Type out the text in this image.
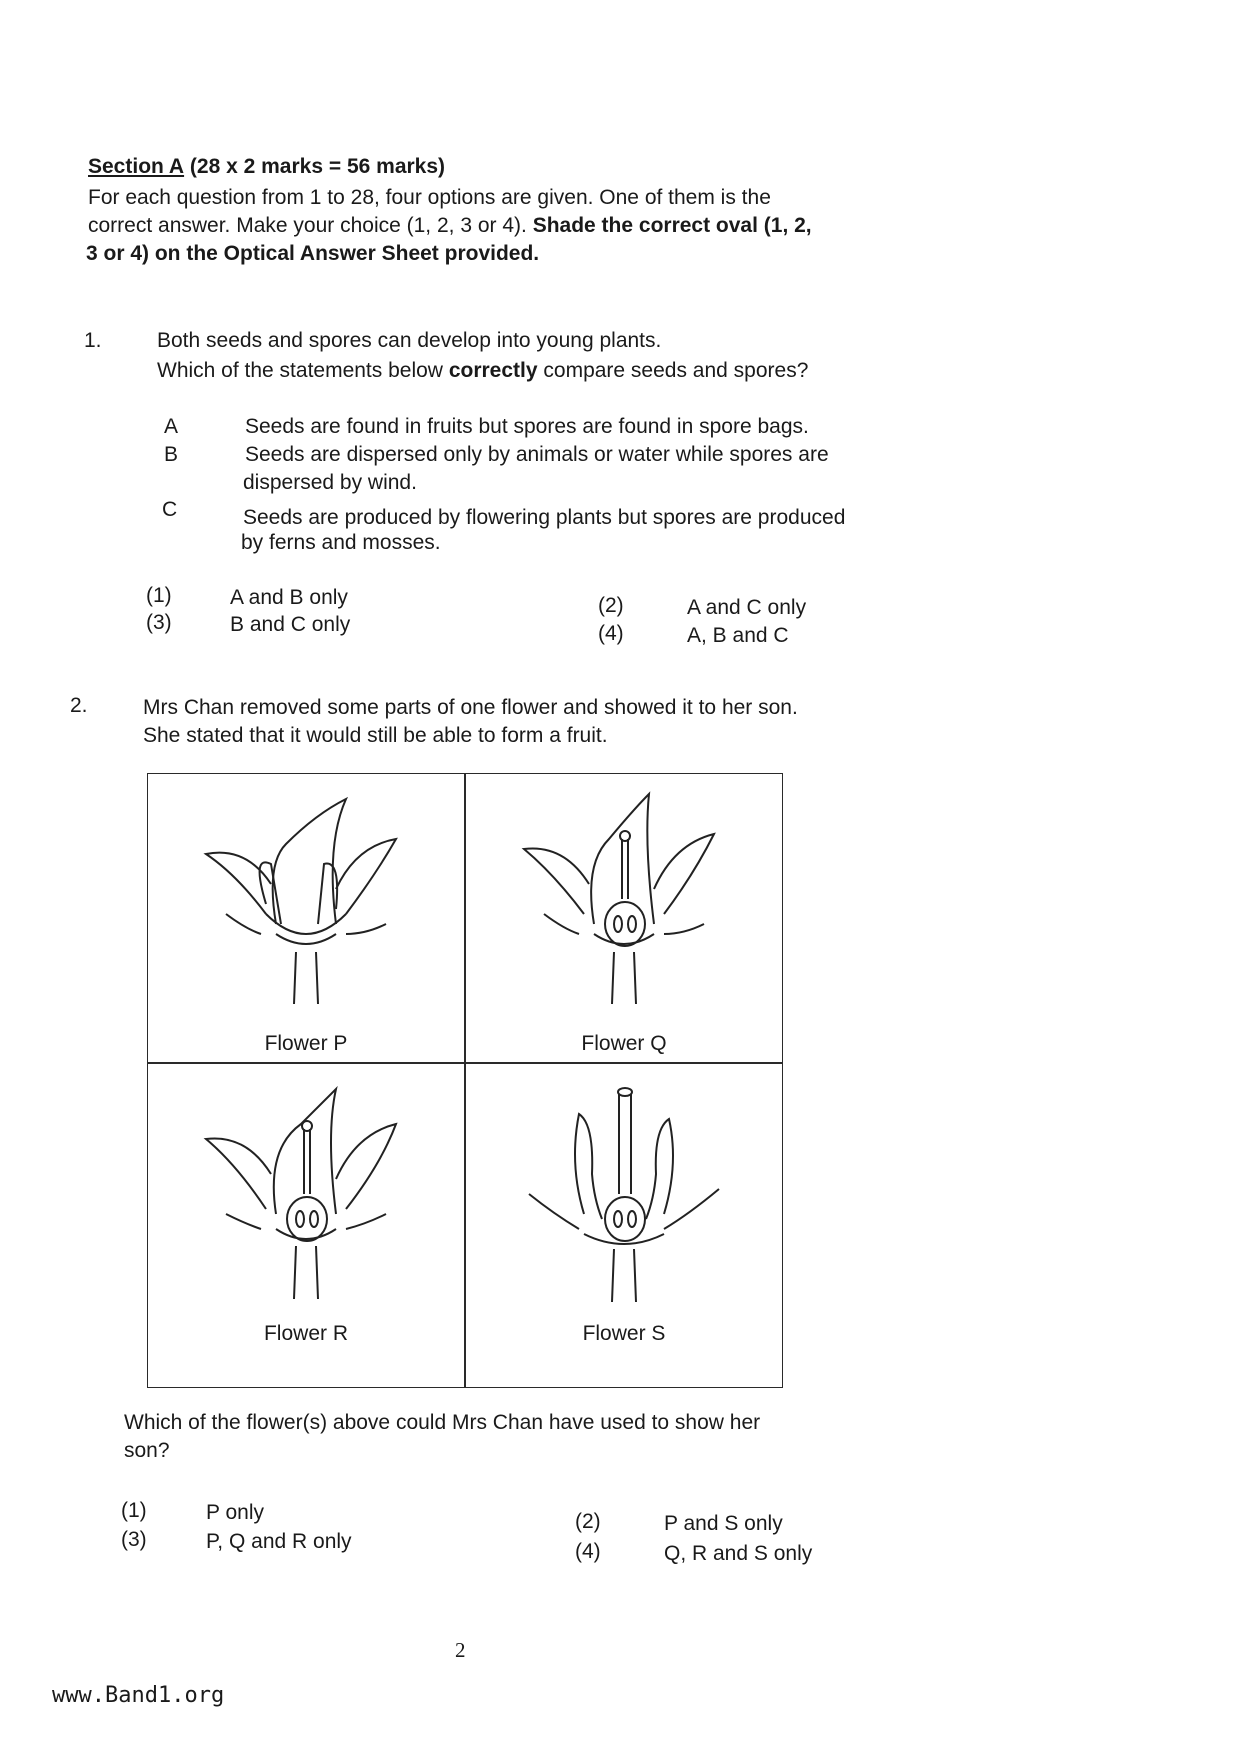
Section A (28 x 2 marks = 56 marks)
For each question from 1 to 28, four options are given. One of them is the
correct answer. Make your choice (1, 2, 3 or 4). Shade the correct oval (1, 2,
3 or 4) on the Optical Answer Sheet provided.
1.	Both seeds and spores can develop into young plants.
Which of the statements below correctly compare seeds and spores?
A	Seeds are found in fruits but spores are found in spore bags.
B	Seeds are dispersed only by animals or water while spores are
dispersed by wind.
C	Seeds are produced by flowering plants but spores are produced
by ferns and mosses.
(1)	A and B only	(2)	A and C only
(3)	B and C only	(4)	A, B and C
2.	Mrs Chan removed some parts of one flower and showed it to her son.
She stated that it would still be able to form a fruit.
Flower P	Flower Q
Flower R	Flower S
Which of the flower(s) above could Mrs Chan have used to show her
son?
(1)	P only	(2)	P and S only
(3)	P, Q and R only	(4)	Q, R and S only
2
www.Band1.org
